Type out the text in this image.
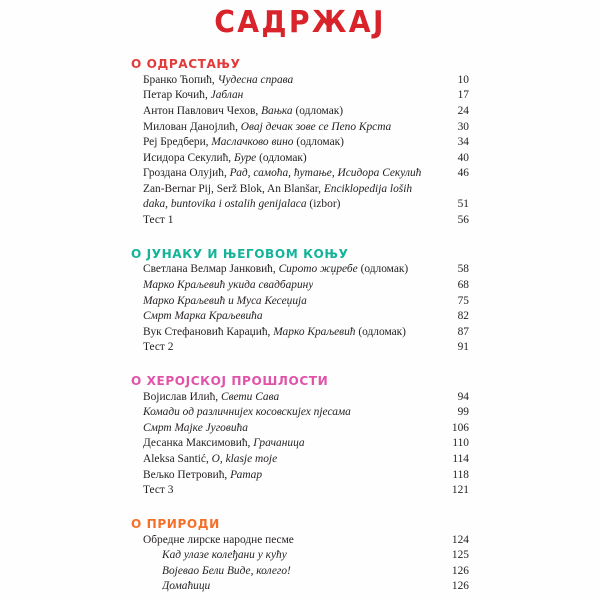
САДРЖАЈ
О ОДРАСТАЊУ
Бранко Ћопић, Чудесна справа .....	10
Петар Кочић, Јаблан .....	17
Антон Павлович Чехов, Вањка (одломак) .....	24
Милован Данојлић, Овај дечак зове се Пепо Крста .....	30
Реј Бредбери, Маслачково вино (одломак) .....	34
Исидора Секулић, Буре (одломак) .....	40
Гроздана Олујић, Рад, самоћа, ћутање, Исидора Секулић .....	46
Žan-Bernar Pij, Serž Blok, An Blanšar, Enciklopedija loših
daka, buntovika i ostalih genijalaca (izbor) .....	51
Тест 1 .....	56
О ЈУНАКУ И ЊЕГОВОМ КОЊУ
Светлана Велмар Јанковић, Сирото жџребе (одломак) .....	58
Марко Краљевић укида свадбарину .....	68
Марко Краљевић и Муса Кесеџија .....	75
Смрт Марка Краљевића .....	82
Вук Стефановић Караџић, Марко Краљевић (одломак) .....	87
Тест 2 .....	91
О ХЕРОЈСКОЈ ПРОШЛОСТИ
Војислав Илић, Свети Сава .....	94
Комади од различнијех косовскијех пјесама .....	99
Смрт Мајке Југовића .....	106
Десанка Максимовић, Грачаница .....	110
Aleksa Šantić, O, klasje moje .....	114
Вељко Петровић, Ратар .....	118
Тест 3 .....	121
О ПРИРОДИ
Обредне лирске народне песме .....	124
Кад улазе колеђани у кућу .....	125
Војевао Бели Виде, колего! .....	126
Домаћици .....	126
